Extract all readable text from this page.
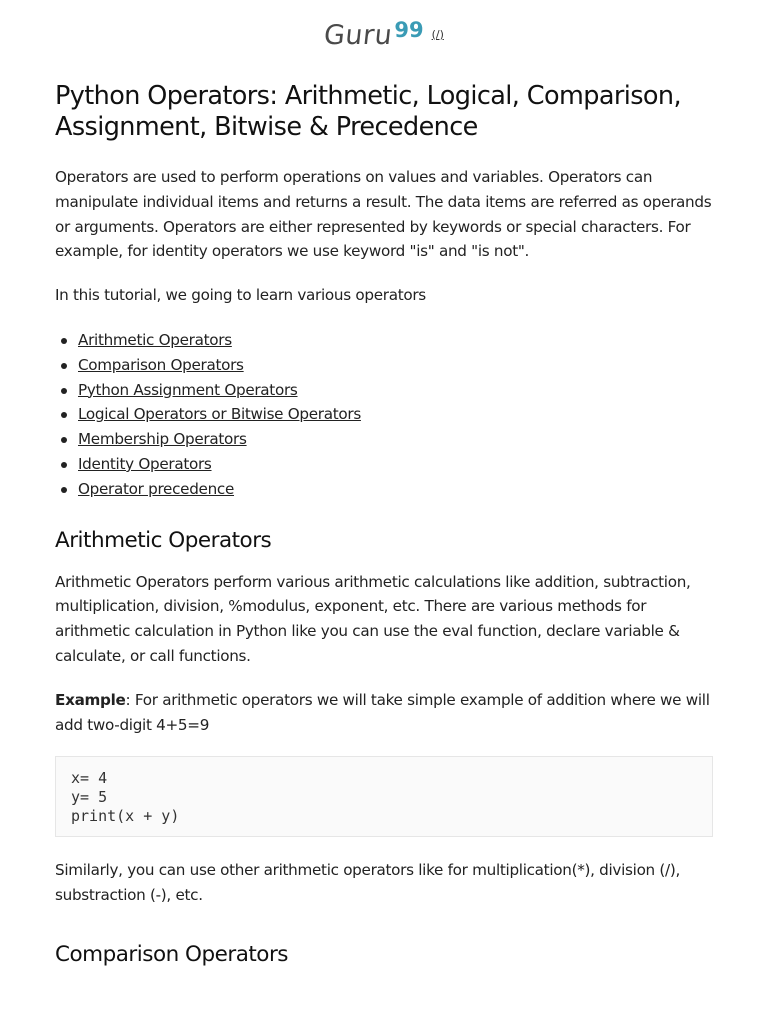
Guru 99 (/)
Python Operators: Arithmetic, Logical, Comparison, Assignment, Bitwise & Precedence

Operators are used to perform operations on values and variables. Operators can manipulate individual items and returns a result. The data items are referred as operands or arguments. Operators are either represented by keywords or special characters. For example, for identity operators we use keyword "is" and "is not".

In this tutorial, we going to learn various operators

Arithmetic Operators
Comparison Operators
Python Assignment Operators
Logical Operators or Bitwise Operators
Membership Operators
Identity Operators
Operator precedence
Arithmetic Operators

Arithmetic Operators perform various arithmetic calculations like addition, subtraction, multiplication, division, %modulus, exponent, etc. There are various methods for arithmetic calculation in Python like you can use the eval function, declare variable & calculate, or call functions.

Example: For arithmetic operators we will take simple example of addition where we will add two-digit 4+5=9

x= 4
y= 5
print(x + y)

Similarly, you can use other arithmetic operators like for multiplication(*), division (/), substraction (-), etc.

Comparison Operators
